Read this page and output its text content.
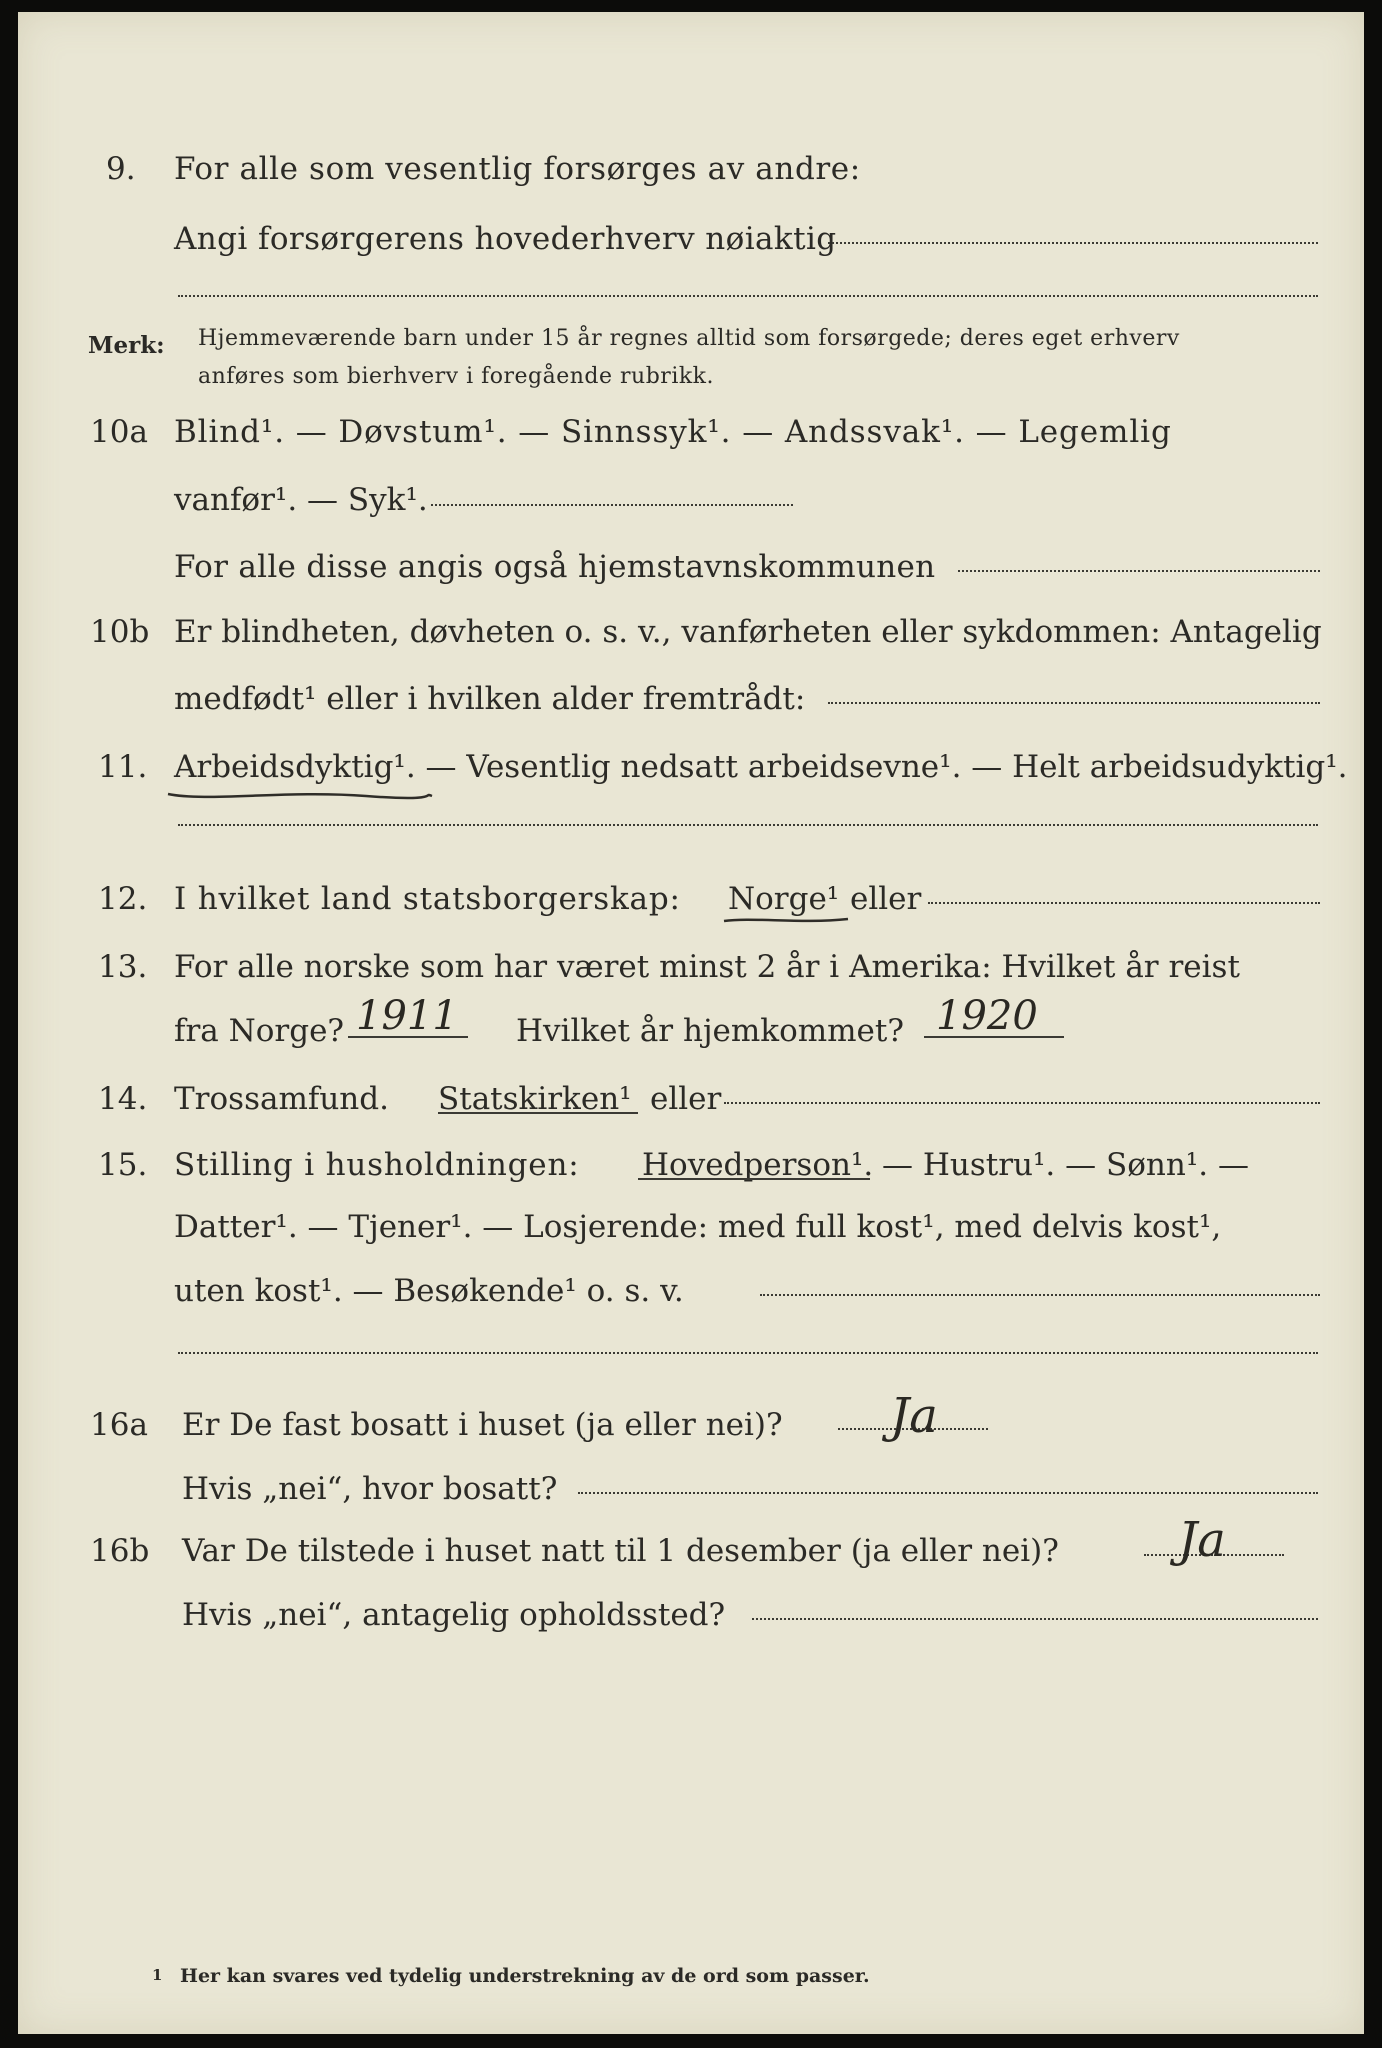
9. For alle som vesentlig forsørges av andre:
Angi forsørgerens hovederhverv nøiaktig
Merk: Hjemmeværende barn under 15 år regnes alltid som forsørgede; deres eget erhverv
anføres som bierhverv i foregående rubrikk.
10a Blind¹. — Døvstum¹. — Sinnssyk¹. — Andssvak¹. — Legemlig
vanfør¹. — Syk¹.
For alle disse angis også hjemstavnskommunen
10b Er blindheten, døvheten o. s. v., vanførheten eller sykdommen: Antagelig
medfødt¹ eller i hvilken alder fremtrådt:
11. Arbeidsdyktig¹. — Vesentlig nedsatt arbeidsevne¹. — Helt arbeidsudyktig¹.
12. I hvilket land statsborgerskap: Norge¹ eller
13. For alle norske som har været minst 2 år i Amerika: Hvilket år reist
fra Norge? 1911 Hvilket år hjemkommet? 1920
14. Trossamfund. Statskirken¹ eller
15. Stilling i husholdningen: Hovedperson¹. — Hustru¹. — Sønn¹. —
Datter¹. — Tjener¹. — Losjerende: med full kost¹, med delvis kost¹,
uten kost¹. — Besøkende¹ o. s. v.
16a Er De fast bosatt i huset (ja eller nei)? Ja
Hvis „nei“, hvor bosatt?
16b Var De tilstede i huset natt til 1 desember (ja eller nei)? Ja
Hvis „nei“, antagelig opholdssted?
1 Her kan svares ved tydelig understrekning av de ord som passer.
